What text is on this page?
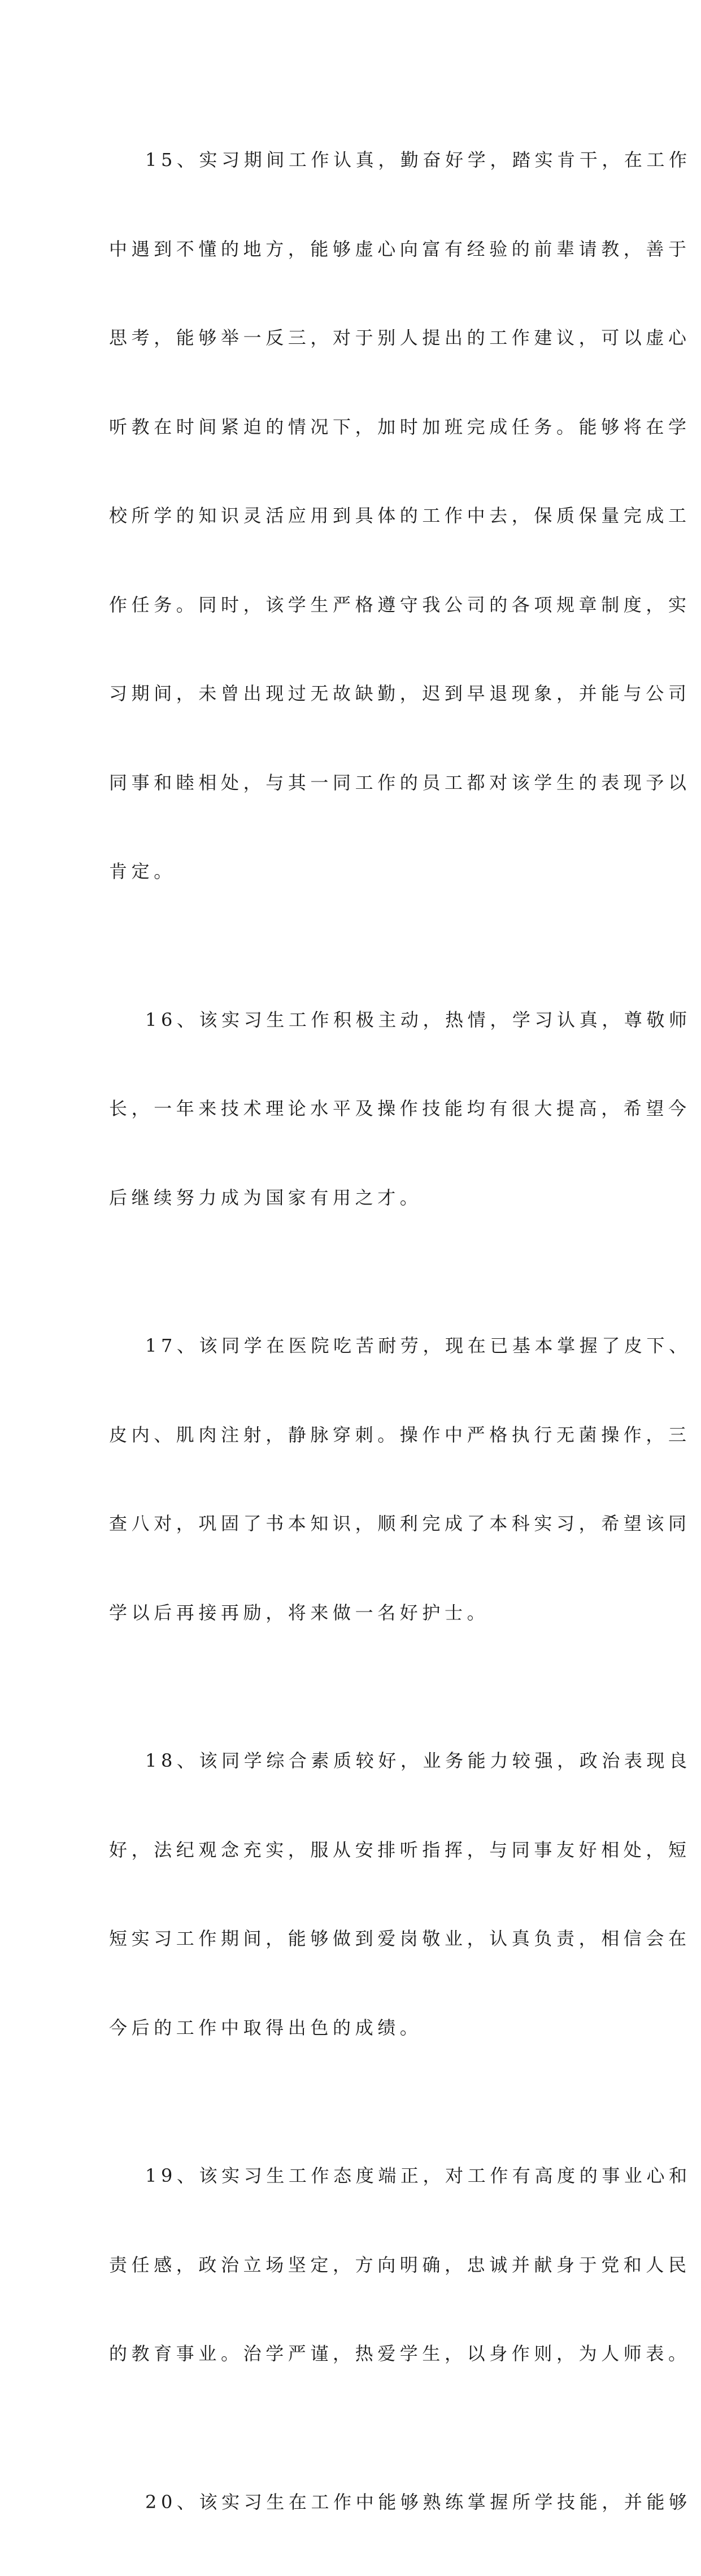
15、实习期间工作认真，勤奋好学，踏实肯干，在工作

中遇到不懂的地方，能够虚心向富有经验的前辈请教，善于

思考，能够举一反三，对于别人提出的工作建议，可以虚心

听教在时间紧迫的情况下，加时加班完成任务。能够将在学

校所学的知识灵活应用到具体的工作中去，保质保量完成工

作任务。同时，该学生严格遵守我公司的各项规章制度，实

习期间，未曾出现过无故缺勤，迟到早退现象，并能与公司

同事和睦相处，与其一同工作的员工都对该学生的表现予以

肯定。

16、该实习生工作积极主动，热情，学习认真，尊敬师

长，一年来技术理论水平及操作技能均有很大提高，希望今

后继续努力成为国家有用之才。

17、该同学在医院吃苦耐劳，现在已基本掌握了皮下、

皮内、肌肉注射，静脉穿刺。操作中严格执行无菌操作，三

查八对，巩固了书本知识，顺利完成了本科实习，希望该同

学以后再接再励，将来做一名好护士。

18、该同学综合素质较好，业务能力较强，政治表现良

好，法纪观念充实，服从安排听指挥，与同事友好相处，短

短实习工作期间，能够做到爱岗敬业，认真负责，相信会在

今后的工作中取得出色的成绩。

19、该实习生工作态度端正，对工作有高度的事业心和

责任感，政治立场坚定，方向明确，忠诚并献身于党和人民

的教育事业。治学严谨，热爱学生，以身作则，为人师表。

20、该实习生在工作中能够熟练掌握所学技能，并能够
